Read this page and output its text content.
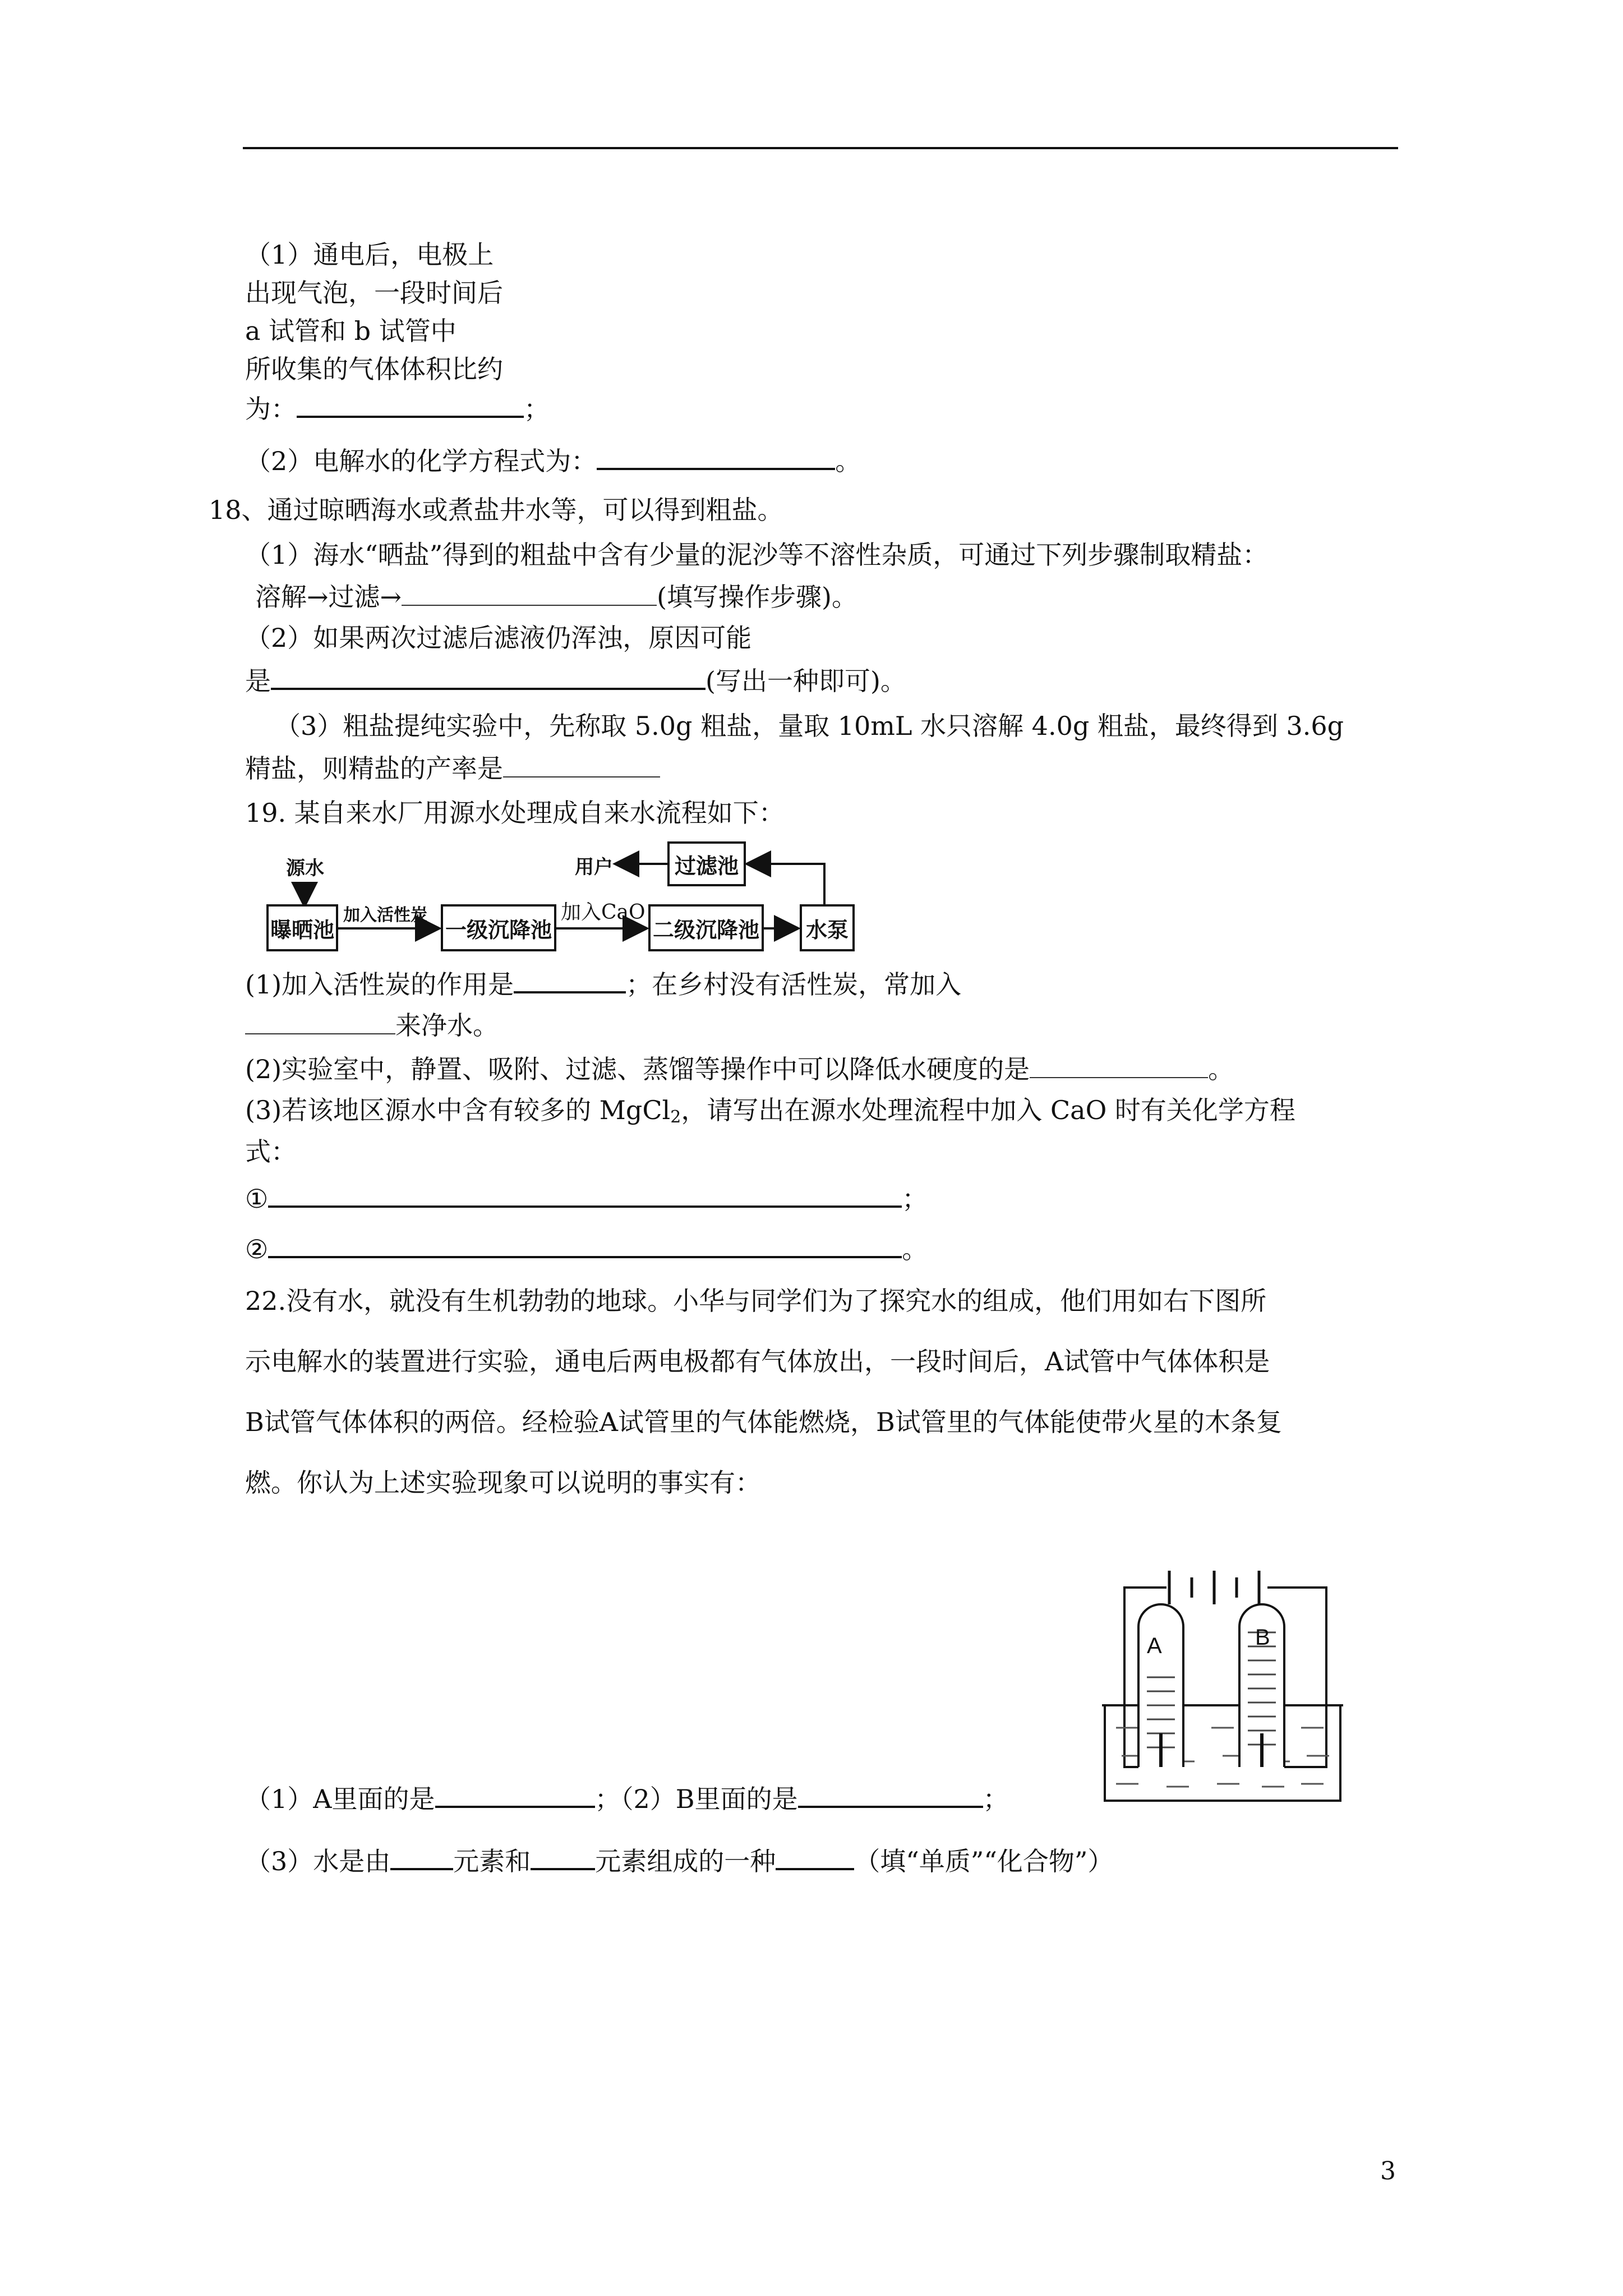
（1）通电后，电极上
出现气泡，一段时间后
a 试管和 b 试管中
所收集的气体体积比约
为：	；
（2）电解水的化学方程式为：	。
18、通过晾晒海水或煮盐井水等，可以得到粗盐。
（1）海水“晒盐”得到的粗盐中含有少量的泥沙等不溶性杂质，可通过下列步骤制取精盐：
溶解→过滤→	(填写操作步骤)。
（2）如果两次过滤后滤液仍浑浊，原因可能
是	(写出一种即可)。
（3）粗盐提纯实验中，先称取 5.0g 粗盐，量取 10mL 水只溶解 4.0g 粗盐，最终得到 3.6g
精盐，则精盐的产率是
19. 某自来水厂用源水处理成自来水流程如下：
源水
曝晒池
加入活性炭
一级沉降池
加入CaO
二级沉降池 水泵
过滤池
用户
(1)加入活性炭的作用是	；在乡村没有活性炭，常加入
来净水。
(2)实验室中，静置、吸附、过滤、蒸馏等操作中可以降低水硬度的是	。
(3)若该地区源水中含有较多的 MgCl$_2$，请写出在源水处理流程中加入 CaO 时有关化学方程
式：
①	；
②	。
22.没有水，就没有生机勃勃的地球。小华与同学们为了探究水的组成，他们用如右下图所
示电解水的装置进行实验，通电后两电极都有气体放出，一段时间后，A试管中气体体积是
B试管气体体积的两倍。经检验A试管里的气体能燃烧，B试管里的气体能使带火星的木条复
燃。你认为上述实验现象可以说明的事实有：
A	B
（1）A里面的是	；（2）B里面的是	；
（3）水是由 元素和	元素组成的一种	（填“单质”“化合物”）
3
